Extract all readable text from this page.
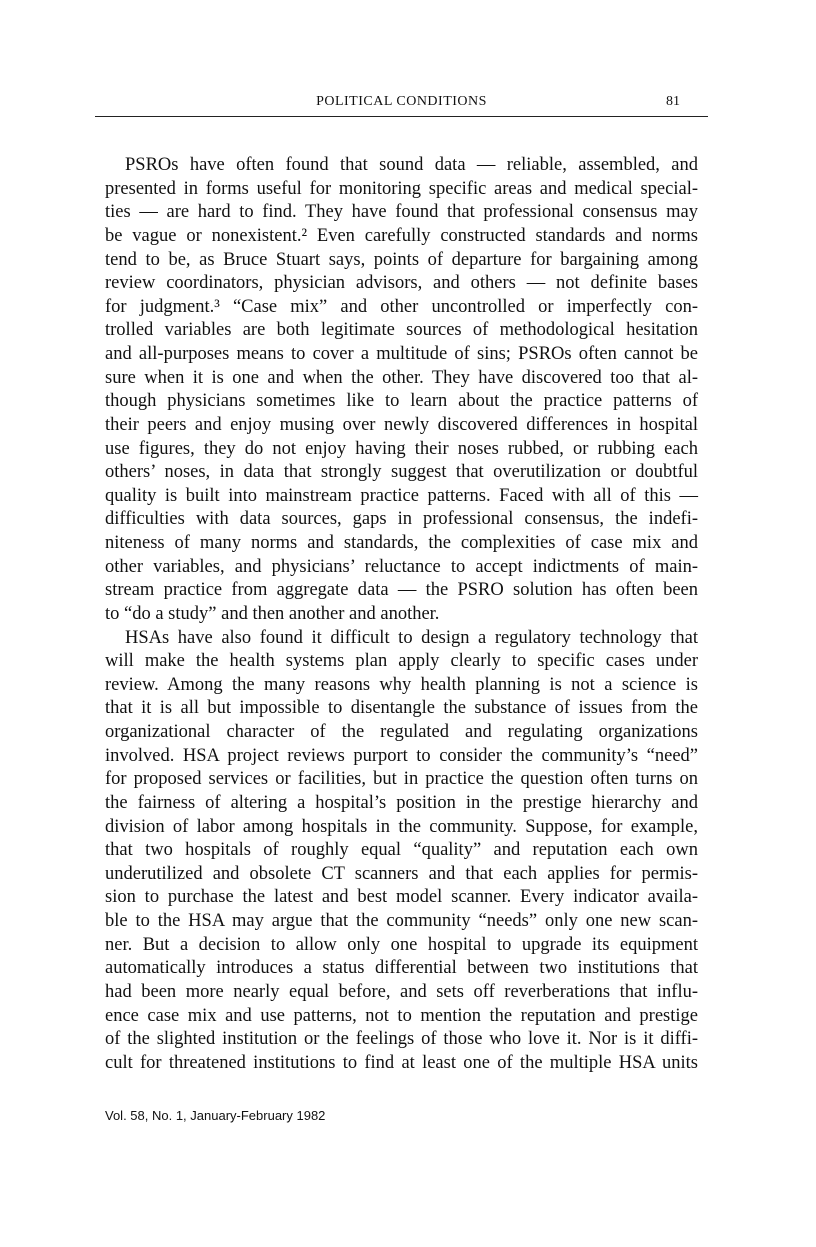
POLITICAL CONDITIONS	81
PSROs have often found that sound data — reliable, assembled, and
presented in forms useful for monitoring specific areas and medical special-
ties — are hard to find. They have found that professional consensus may
be vague or nonexistent.² Even carefully constructed standards and norms
tend to be, as Bruce Stuart says, points of departure for bargaining among
review coordinators, physician advisors, and others — not definite bases
for judgment.³ “Case mix” and other uncontrolled or imperfectly con-
trolled variables are both legitimate sources of methodological hesitation
and all-purposes means to cover a multitude of sins; PSROs often cannot be
sure when it is one and when the other. They have discovered too that al-
though physicians sometimes like to learn about the practice patterns of
their peers and enjoy musing over newly discovered differences in hospital
use figures, they do not enjoy having their noses rubbed, or rubbing each
others’ noses, in data that strongly suggest that overutilization or doubtful
quality is built into mainstream practice patterns. Faced with all of this —
difficulties with data sources, gaps in professional consensus, the indefi-
niteness of many norms and standards, the complexities of case mix and
other variables, and physicians’ reluctance to accept indictments of main-
stream practice from aggregate data — the PSRO solution has often been
to “do a study” and then another and another.
HSAs have also found it difficult to design a regulatory technology that
will make the health systems plan apply clearly to specific cases under
review. Among the many reasons why health planning is not a science is
that it is all but impossible to disentangle the substance of issues from the
organizational character of the regulated and regulating organizations
involved. HSA project reviews purport to consider the community’s “need”
for proposed services or facilities, but in practice the question often turns on
the fairness of altering a hospital’s position in the prestige hierarchy and
division of labor among hospitals in the community. Suppose, for example,
that two hospitals of roughly equal “quality” and reputation each own
underutilized and obsolete CT scanners and that each applies for permis-
sion to purchase the latest and best model scanner. Every indicator availa-
ble to the HSA may argue that the community “needs” only one new scan-
ner. But a decision to allow only one hospital to upgrade its equipment
automatically introduces a status differential between two institutions that
had been more nearly equal before, and sets off reverberations that influ-
ence case mix and use patterns, not to mention the reputation and prestige
of the slighted institution or the feelings of those who love it. Nor is it diffi-
cult for threatened institutions to find at least one of the multiple HSA units
Vol. 58, No. 1, January-February 1982
